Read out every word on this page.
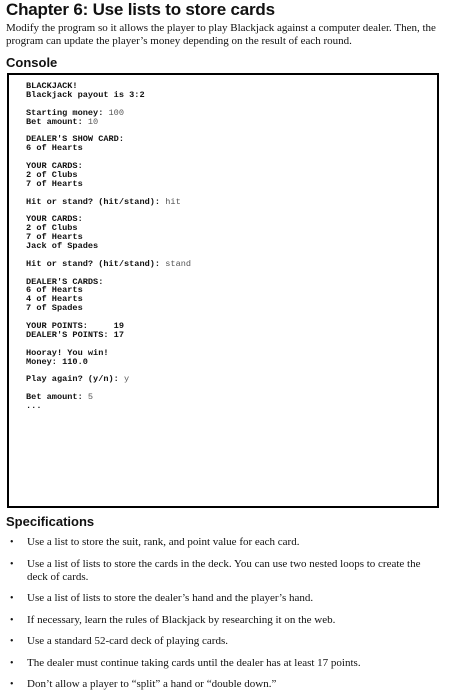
Chapter 6: Use lists to store cards
Modify the program so it allows the player to play Blackjack against a computer dealer. Then, the program can update the player’s money depending on the result of each round.
Console
BLACKJACK!
Blackjack payout is 3:2
Starting money: 100
Bet amount: 10
DEALER'S SHOW CARD:
6 of Hearts
YOUR CARDS:
2 of Clubs
7 of Hearts
Hit or stand? (hit/stand): hit
YOUR CARDS:
2 of Clubs
7 of Hearts
Jack of Spades
Hit or stand? (hit/stand): stand
DEALER'S CARDS:
6 of Hearts
4 of Hearts
7 of Spades
YOUR POINTS:     19
DEALER'S POINTS: 17
Hooray! You win!
Money: 110.0
Play again? (y/n): y
Bet amount: 5
...
Specifications
• Use a list to store the suit, rank, and point value for each card.
• Use a list of lists to store the cards in the deck. You can use two nested loops to create the deck of cards.
• Use a list of lists to store the dealer’s hand and the player’s hand.
• If necessary, learn the rules of Blackjack by researching it on the web.
• Use a standard 52-card deck of playing cards.
• The dealer must continue taking cards until the dealer has at least 17 points.
• Don’t allow a player to “split” a hand or “double down.”
